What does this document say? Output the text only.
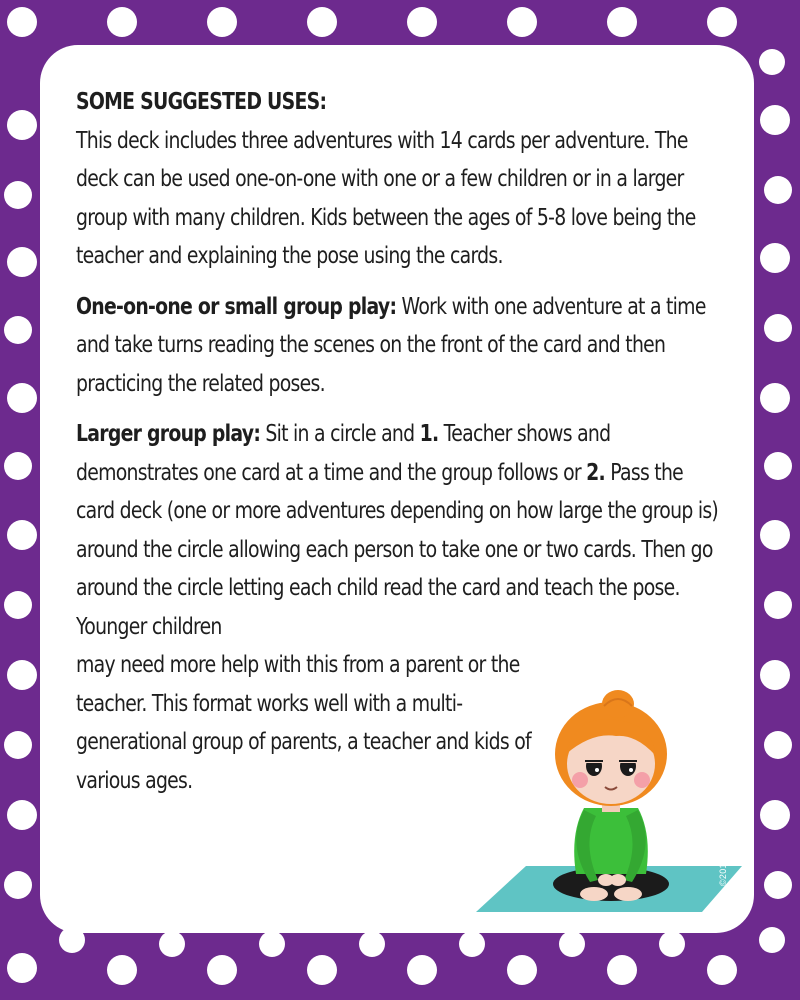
SOME SUGGESTED USES:
This deck includes three adventures with 14 cards per adventure. The deck can be used one-on-one with one or a few children or in a larger group with many children. Kids between the ages of 5-8 love being the teacher and explaining the pose using the cards.

One-on-one or small group play: Work with one adventure at a time and take turns reading the scenes on the front of the card and then practicing the related poses.

Larger group play: Sit in a circle and 1. Teacher shows and demonstrates one card at a time and the group follows or 2. Pass the card deck (one or more adventures depending on how large the group is) around the circle allowing each person to take one or two cards. Then go around the circle letting each child read the card and teach the pose. Younger children
may need more help with this from a parent or the teacher. This format works well with a multi-generational group of parents, a teacher and kids of various ages.

©2018 USGAMES
